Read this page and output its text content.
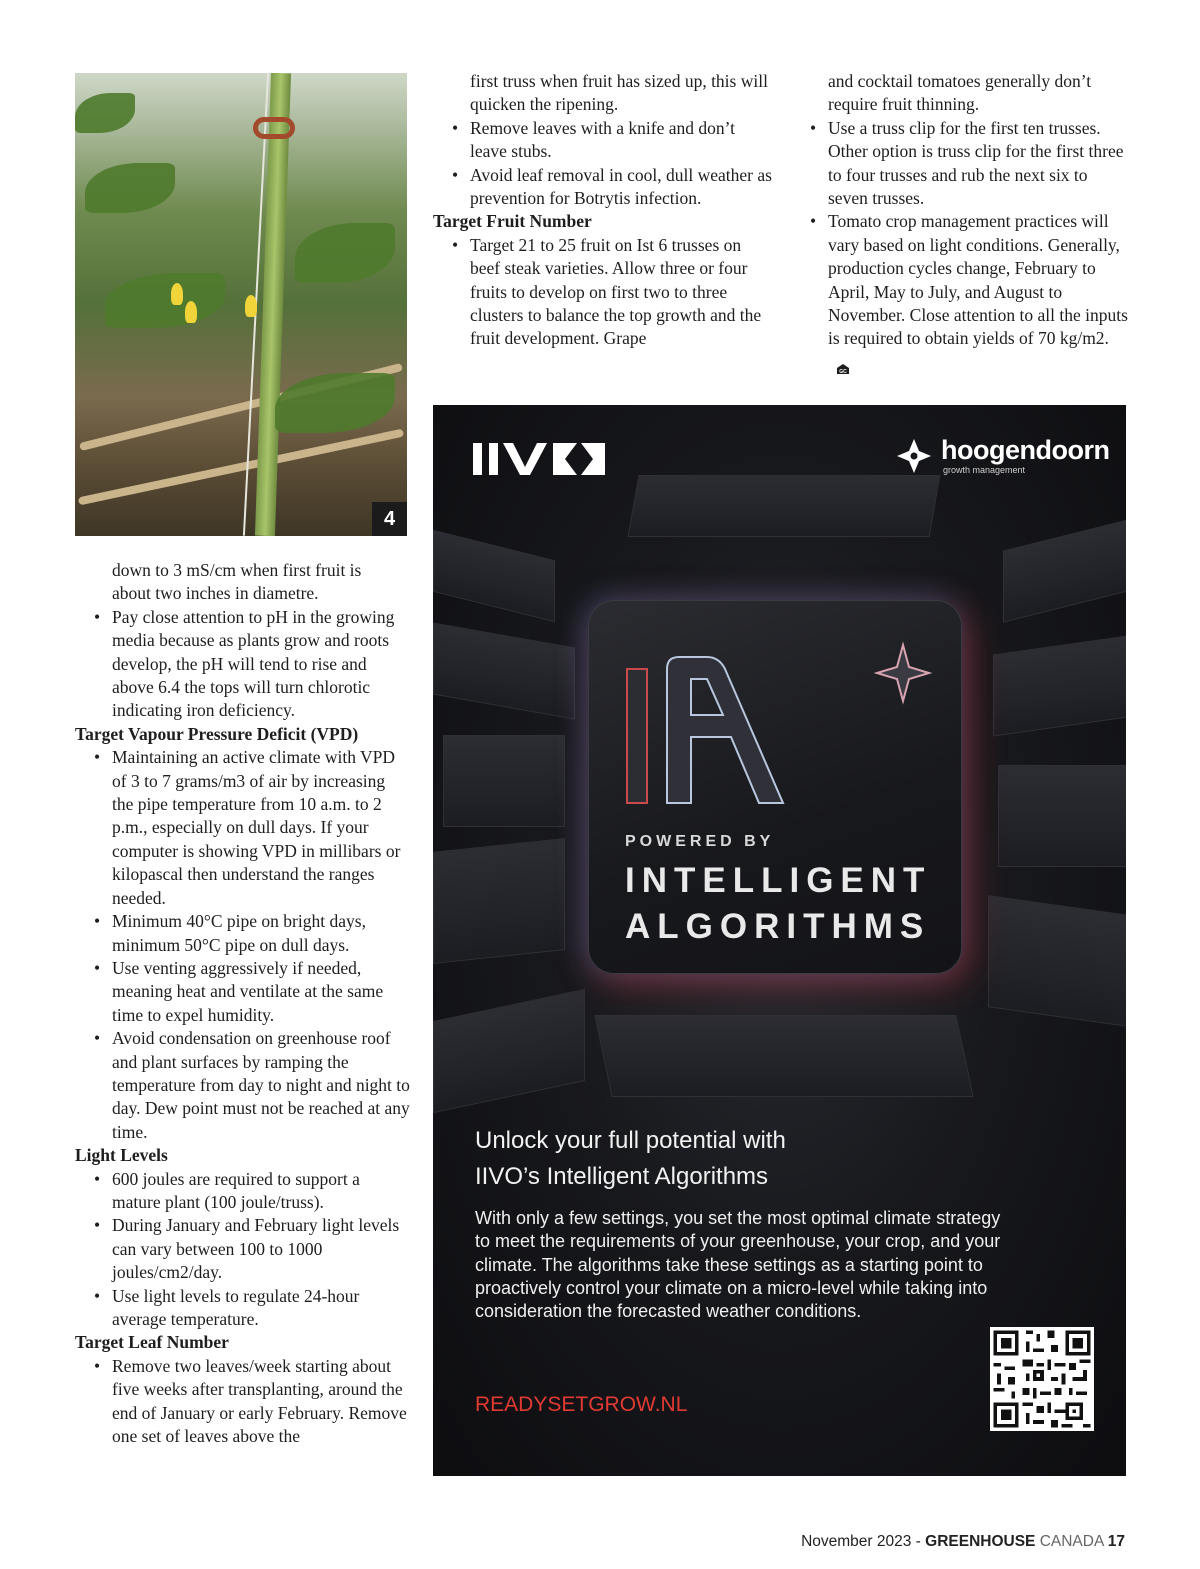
4

down to 3 mS/cm when first fruit is

about two inches in diametre.

• Pay close attention to pH in the growing media because as plants grow and roots develop, the pH will tend to rise and above 6.4 the tops will turn chlorotic indicating iron deficiency.
Target Vapour Pressure Deficit (VPD)
• Maintaining an active climate with VPD of 3 to 7 grams/m3 of air by increasing the pipe temperature from 10 a.m. to 2 p.m., especially on dull days. If your computer is showing VPD in millibars or kilopascal then understand the ranges needed.
• Minimum 40°C pipe on bright days, minimum 50°C pipe on dull days.
• Use venting aggressively if needed, meaning heat and ventilate at the same time to expel humidity.
• Avoid condensation on greenhouse roof and plant surfaces by ramping the temperature from day to night and night to day. Dew point must not be reached at any time.
Light Levels
• 600 joules are required to support a mature plant (100 joule/truss).
• During January and February light levels can vary between 100 to 1000 joules/cm2/day.
• Use light levels to regulate 24-hour average temperature.
Target Leaf Number
• Remove two leaves/week starting about five weeks after transplanting, around the end of January or early February. Remove one set of leaves above the

first truss when fruit has sized up, this will quicken the ripening.

• Remove leaves with a knife and don’t leave stubs.
• Avoid leaf removal in cool, dull weather as prevention for Botrytis infection.
Target Fruit Number
• Target 21 to 25 fruit on Ist 6 trusses on beef steak varieties. Allow three or four fruits to develop on first two to three clusters to balance the top growth and the fruit development. Grape

and cocktail tomatoes generally don’t require fruit thinning.

• Use a truss clip for the first ten trusses. Other option is truss clip for the first three to four trusses and rub the next six to seven trusses.
• Tomato crop management practices will vary based on light conditions. Generally, production cycles change, February to April, May to July, and August to November. Close attention to all the inputs is required to obtain yields of 70 kg/m2.
GC
hoogendoorn
growth management
POWERED BY
INTELLIGENT
ALGORITHMS
Unlock your full potential with
IIVO’s Intelligent Algorithms
With only a few settings, you set the most optimal climate strategy to meet the requirements of your greenhouse, your crop, and your climate. The algorithms take these settings as a starting point to proactively control your climate on a micro-level while taking into consideration the forecasted weather conditions.
READYSETGROW.NL
November 2023 - GREENHOUSE CANADA 17
